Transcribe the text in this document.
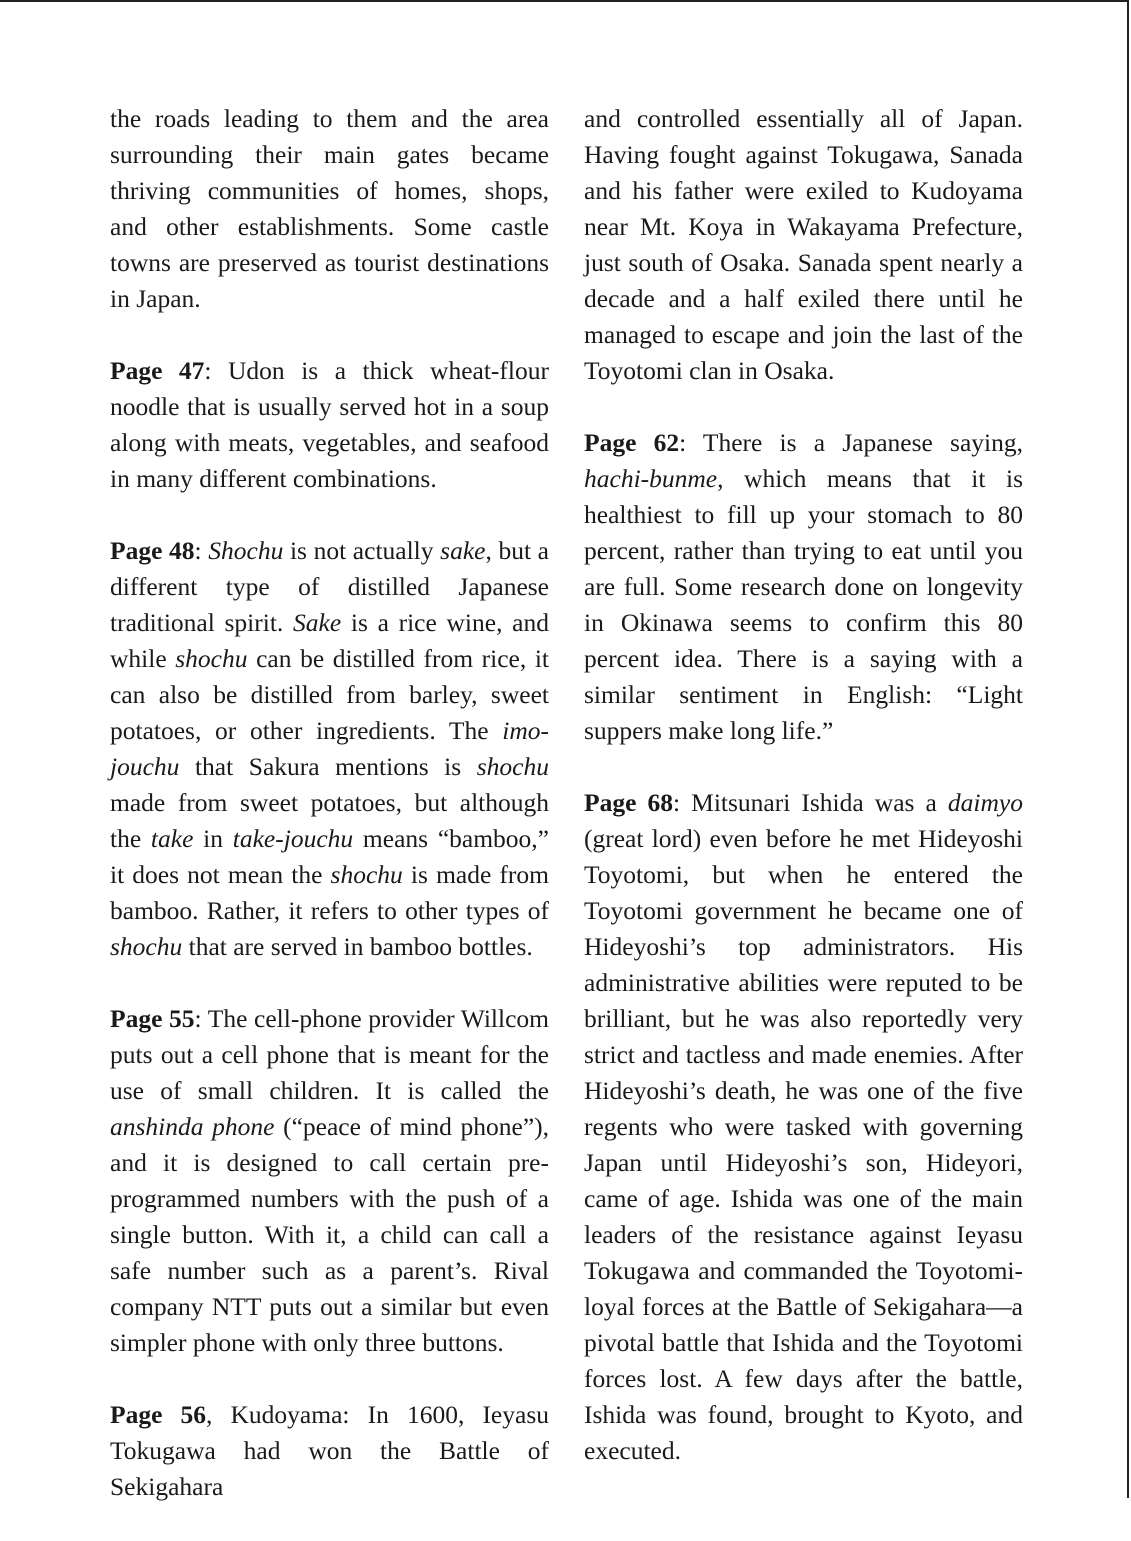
the roads leading to them and the area surrounding their main gates became thriving communities of homes, shops, and other establishments. Some castle towns are preserved as tourist destinations in Japan.

Page 47: Udon is a thick wheat-flour noodle that is usually served hot in a soup along with meats, vegetables, and seafood in many different combinations.

Page 48: Shochu is not actually sake, but a different type of distilled Japanese traditional spirit. Sake is a rice wine, and while shochu can be distilled from rice, it can also be distilled from barley, sweet potatoes, or other ingredients. The imo-jouchu that Sakura mentions is shochu made from sweet potatoes, but although the take in take-jouchu means “bamboo,” it does not mean the shochu is made from bamboo. Rather, it refers to other types of shochu that are served in bamboo bottles.

Page 55: The cell-phone provider Willcom puts out a cell phone that is meant for the use of small children. It is called the anshinda phone (“peace of mind phone”), and it is designed to call certain pre-programmed numbers with the push of a single button. With it, a child can call a safe number such as a parent’s. Rival company NTT puts out a similar but even simpler phone with only three buttons.

Page 56, Kudoyama: In 1600, Ieyasu Tokugawa had won the Battle of Sekigahara

and controlled essentially all of Japan. Having fought against Tokugawa, Sanada and his father were exiled to Kudoyama near Mt. Koya in Wakayama Prefecture, just south of Osaka. Sanada spent nearly a decade and a half exiled there until he managed to escape and join the last of the Toyotomi clan in Osaka.

Page 62: There is a Japanese saying, hachi-bunme, which means that it is healthiest to fill up your stomach to 80 percent, rather than trying to eat until you are full. Some research done on longevity in Okinawa seems to confirm this 80 percent idea. There is a saying with a similar sentiment in English: “Light suppers make long life.”

Page 68: Mitsunari Ishida was a daimyo (great lord) even before he met Hideyoshi Toyotomi, but when he entered the Toyotomi government he became one of Hideyoshi’s top administrators. His administrative abilities were reputed to be brilliant, but he was also reportedly very strict and tactless and made enemies. After Hideyoshi’s death, he was one of the five regents who were tasked with governing Japan until Hideyoshi’s son, Hideyori, came of age. Ishida was one of the main leaders of the resistance against Ieyasu Tokugawa and commanded the Toyotomi-loyal forces at the Battle of Sekigahara—a pivotal battle that Ishida and the Toyotomi forces lost. A few days after the battle, Ishida was found, brought to Kyoto, and executed.
